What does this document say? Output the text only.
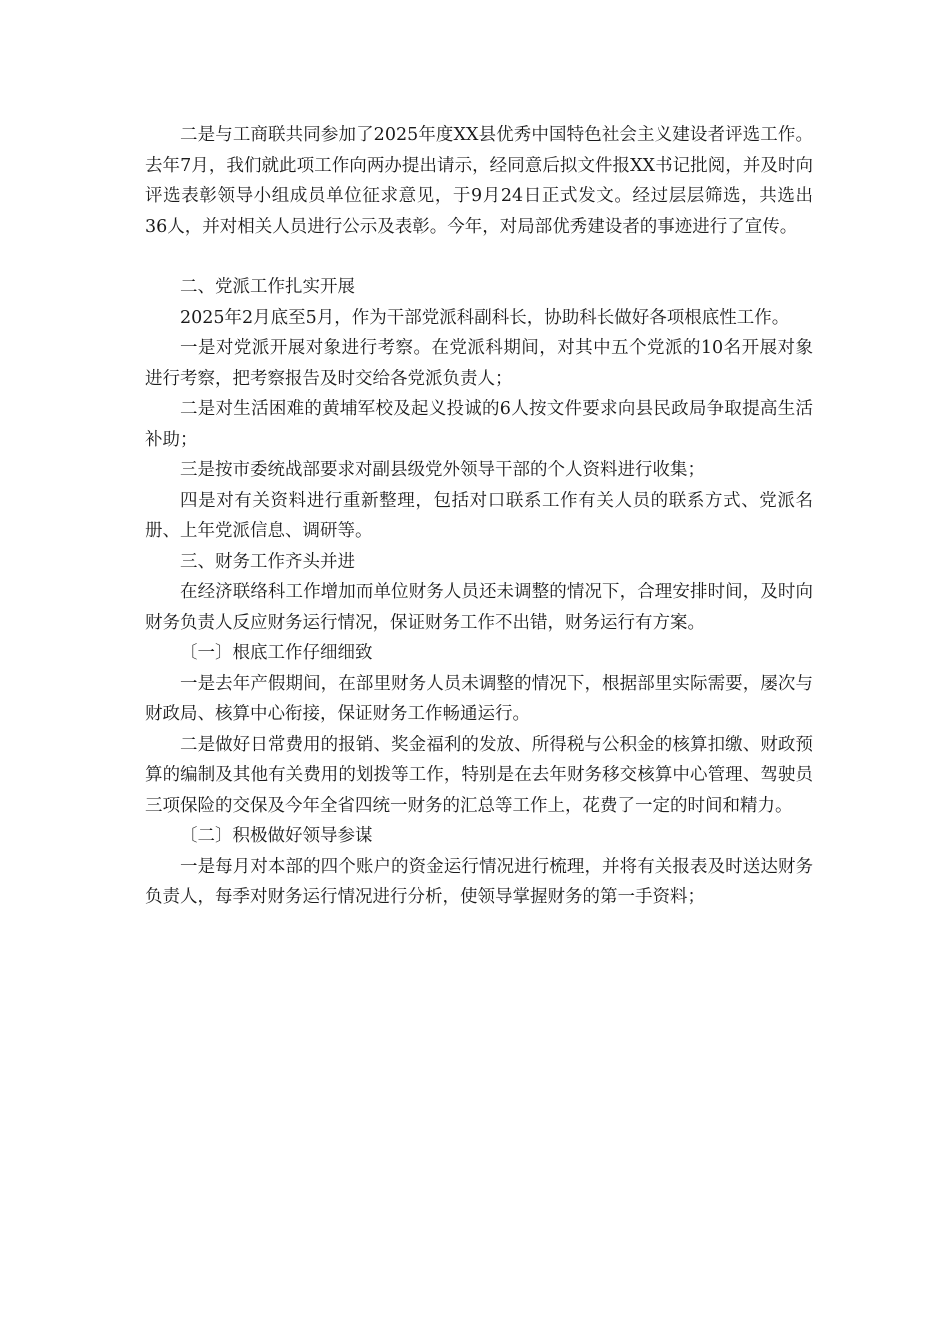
二是与工商联共同参加了2025年度XX县优秀中国特色社会主义建设者评选工作。去年7月，我们就此项工作向两办提出请示，经同意后拟文件报XX书记批阅，并及时向评选表彰领导小组成员单位征求意见，于9月24日正式发文。经过层层筛选，共选出36人，并对相关人员进行公示及表彰。今年，对局部优秀建设者的事迹进行了宣传。

二、党派工作扎实开展

2025年2月底至5月，作为干部党派科副科长，协助科长做好各项根底性工作。

一是对党派开展对象进行考察。在党派科期间，对其中五个党派的10名开展对象进行考察，把考察报告及时交给各党派负责人；

二是对生活困难的黄埔军校及起义投诚的6人按文件要求向县民政局争取提高生活补助；

三是按市委统战部要求对副县级党外领导干部的个人资料进行收集；

四是对有关资料进行重新整理，包括对口联系工作有关人员的联系方式、党派名册、上年党派信息、调研等。

三、财务工作齐头并进

在经济联络科工作增加而单位财务人员还未调整的情况下，合理安排时间，及时向财务负责人反应财务运行情况，保证财务工作不出错，财务运行有方案。

〔一〕根底工作仔细细致

一是去年产假期间，在部里财务人员未调整的情况下，根据部里实际需要，屡次与财政局、核算中心衔接，保证财务工作畅通运行。

二是做好日常费用的报销、奖金福利的发放、所得税与公积金的核算扣缴、财政预算的编制及其他有关费用的划拨等工作，特别是在去年财务移交核算中心管理、驾驶员三项保险的交保及今年全省四统一财务的汇总等工作上，花费了一定的时间和精力。

〔二〕积极做好领导参谋

一是每月对本部的四个账户的资金运行情况进行梳理，并将有关报表及时送达财务负责人，每季对财务运行情况进行分析，使领导掌握财务的第一手资料；
